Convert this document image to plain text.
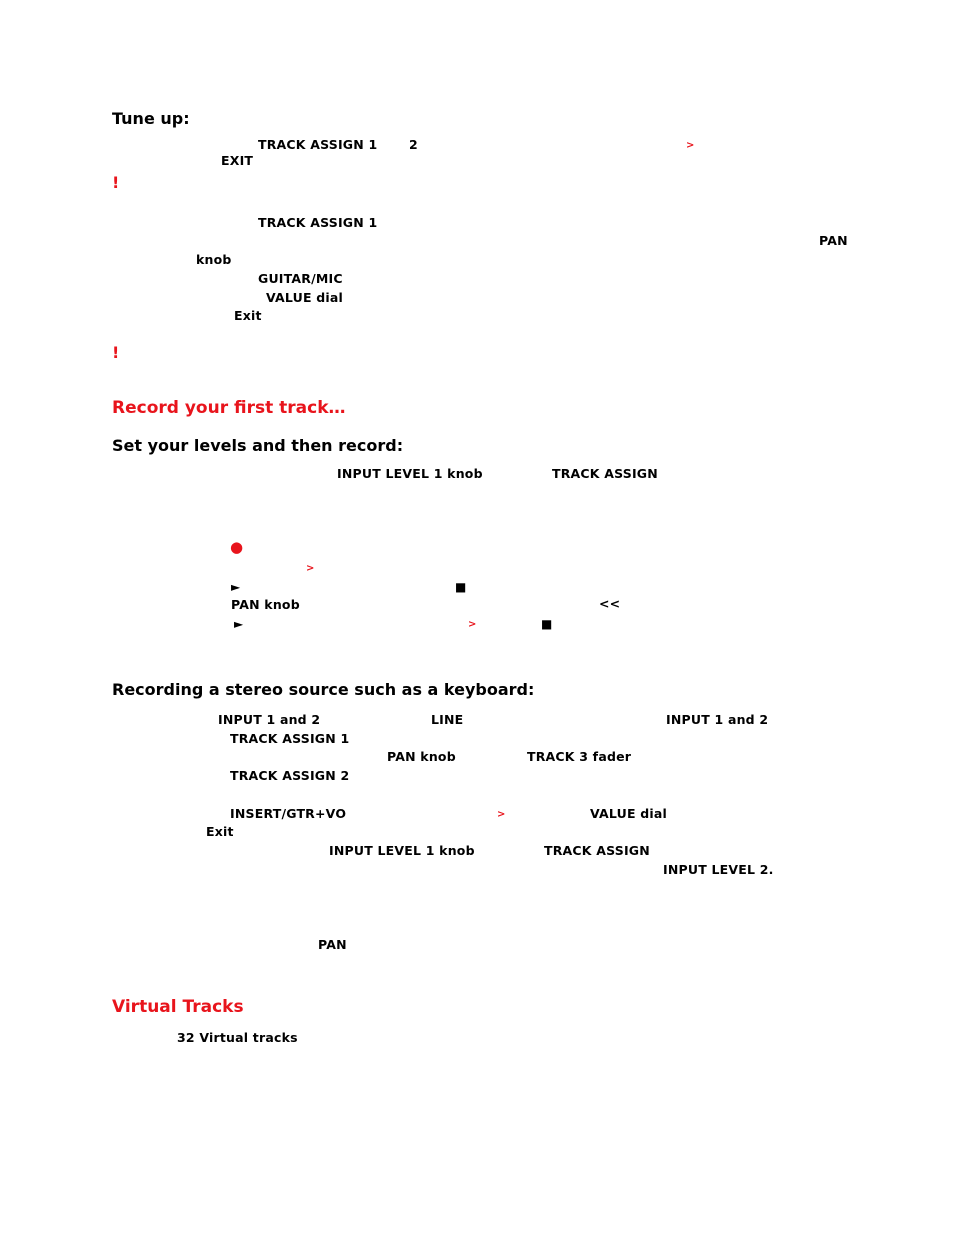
Tune up:
TRACK ASSIGN 1	2	>
EXIT
!
TRACK ASSIGN 1
PAN
knob
GUITAR/MIC
VALUE dial
Exit
!
Record your first track…
Set your levels and then record:
INPUT LEVEL 1 knob	TRACK ASSIGN
●
>
►	■
PAN knob	<<
►	>	■
Recording a stereo source such as a keyboard:
INPUT 1 and 2	LINE	INPUT 1 and 2
TRACK ASSIGN 1
PAN knob	TRACK 3 fader
TRACK ASSIGN 2
INSERT/GTR+VO	>	VALUE dial
Exit
INPUT LEVEL 1 knob	TRACK ASSIGN
INPUT LEVEL 2.
PAN
Virtual Tracks
32 Virtual tracks
